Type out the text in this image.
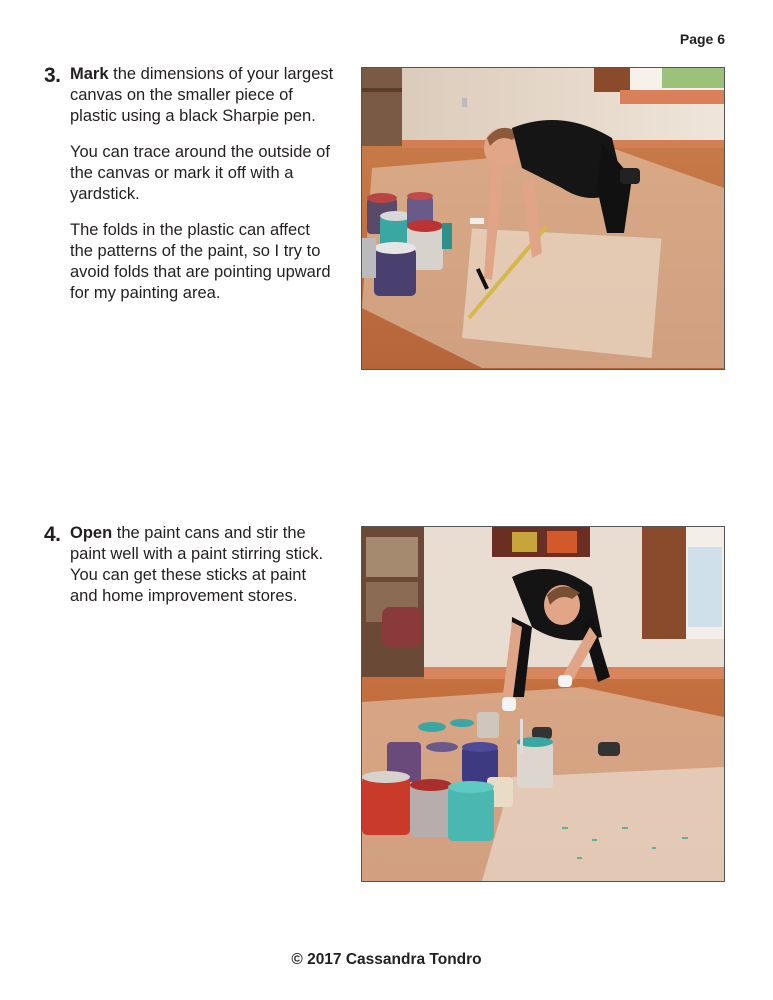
Page 6
3. Mark the dimensions of your largest canvas on the smaller piece of plastic using a black Sharpie pen.

You can trace around the outside of the canvas or mark it off with a yardstick.

The folds in the plastic can affect the patterns of the paint, so I try to avoid folds that are pointing upward for my painting area.

4. Open the paint cans and stir the paint well with a paint stirring stick. You can get these sticks at paint and home improvement stores.

© 2017 Cassandra Tondro
